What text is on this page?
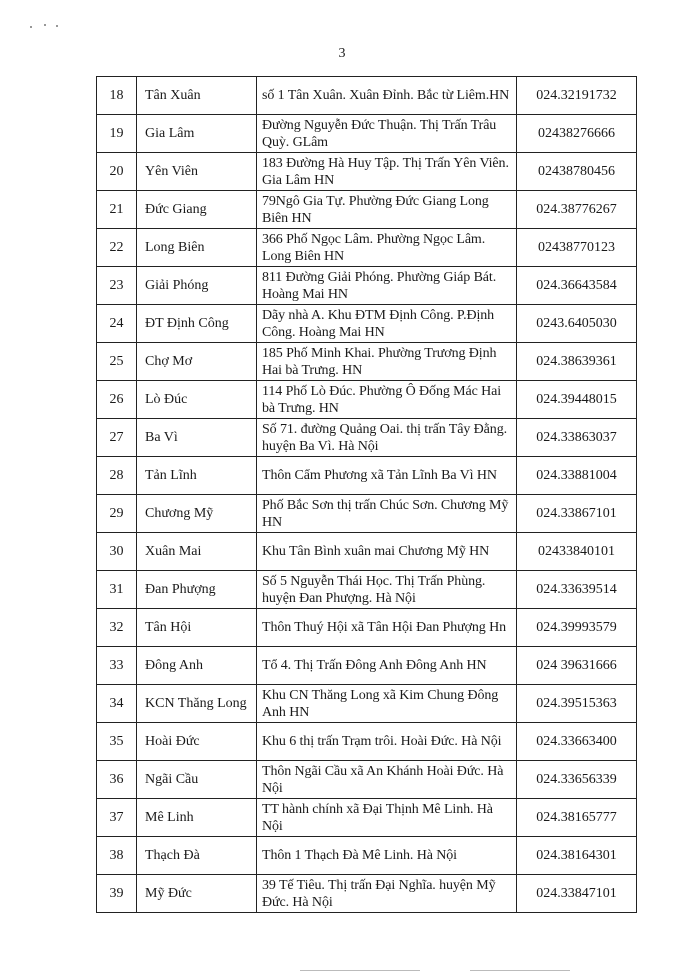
3
18	Tân Xuân	số 1 Tân Xuân. Xuân Đỉnh. Bắc từ Liêm.HN	024.32191732
19	Gia Lâm	Đường Nguyễn Đức Thuận. Thị Trấn Trâu Quỳ. GLâm	02438276666
20	Yên Viên	183 Đường Hà Huy Tập. Thị Trấn Yên Viên. Gia Lâm HN	02438780456
21	Đức Giang	79Ngô Gia Tự. Phường Đức Giang Long Biên HN	024.38776267
22	Long Biên	366 Phố Ngọc Lâm. Phường Ngọc Lâm. Long Biên HN	02438770123
23	Giải Phóng	811 Đường Giải Phóng. Phường Giáp Bát. Hoàng Mai HN	024.36643584
24	ĐT Định Công	Dãy nhà A. Khu ĐTM Định Công. P.Định Công. Hoàng Mai HN	0243.6405030
25	Chợ Mơ	185 Phố Minh Khai. Phường Trương Định Hai bà Trưng. HN	024.38639361
26	Lò Đúc	114 Phố Lò Đúc. Phường Ô Đống Mác Hai bà Trưng. HN	024.39448015
27	Ba Vì	Số 71. đường Quảng Oai. thị trấn Tây Đằng. huyện Ba Vì. Hà Nội	024.33863037
28	Tản Lĩnh	Thôn Cẩm Phương xã Tản Lĩnh Ba Vì HN	024.33881004
29	Chương Mỹ	Phố Bắc Sơn thị trấn Chúc Sơn. Chương Mỹ HN	024.33867101
30	Xuân Mai	Khu Tân Bình xuân mai Chương Mỹ HN	02433840101
31	Đan Phượng	Số 5 Nguyễn Thái Học. Thị Trấn Phùng. huyện Đan Phượng. Hà Nội	024.33639514
32	Tân Hội	Thôn Thuý Hội xã Tân Hội Đan Phượng Hn	024.39993579
33	Đông Anh	Tổ 4. Thị Trấn Đông Anh Đông Anh HN	024 39631666
34	KCN Thăng Long	Khu CN Thăng Long xã Kim Chung Đông Anh HN	024.39515363
35	Hoài Đức	Khu 6 thị trấn Trạm trôi. Hoài Đức. Hà Nội	024.33663400
36	Ngãi Cầu	Thôn Ngãi Cầu xã An Khánh Hoài Đức. Hà Nội	024.33656339
37	Mê Linh	TT hành chính xã Đại Thịnh Mê Linh. Hà Nội	024.38165777
38	Thạch Đà	Thôn 1 Thạch Đà Mê Linh. Hà Nội	024.38164301
39	Mỹ Đức	39 Tế Tiêu. Thị trấn Đại Nghĩa. huyện Mỹ Đức. Hà Nội	024.33847101
